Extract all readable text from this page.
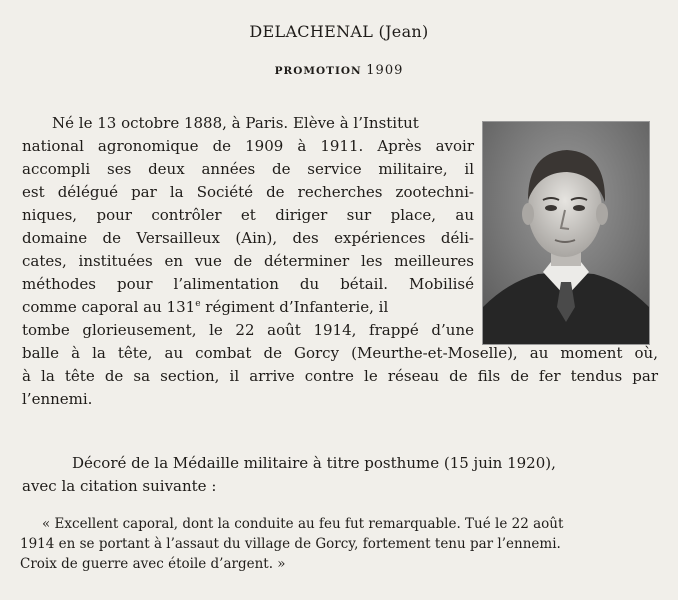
DELACHENAL (Jean)
PROMOTION 1909
Né le 13 octobre 1888, à Paris. Elève à l’Institut
national agronomique de 1909 à 1911. Après avoir
accompli ses deux années de service militaire, il
est délégué par la Société de recherches zootechni-
niques, pour contrôler et diriger sur place, au
domaine de Versailleux (Ain), des expériences déli-
cates, instituées en vue de déterminer les meilleures
méthodes pour l’alimentation du bétail. Mobilisé
comme caporal au 131e régiment d’Infanterie, il
tombe glorieusement, le 22 août 1914, frappé d’une
balle à la tête, au combat de Gorcy (Meurthe-et-Moselle), au moment où,
à la tête de sa section, il arrive contre le réseau de fils de fer tendus par
l’ennemi.
Décoré de la Médaille militaire à titre posthume (15 juin 1920),
avec la citation suivante :
« Excellent caporal, dont la conduite au feu fut remarquable. Tué le 22 août
1914 en se portant à l’assaut du village de Gorcy, fortement tenu par l’ennemi.
Croix de guerre avec étoile d’argent. »
